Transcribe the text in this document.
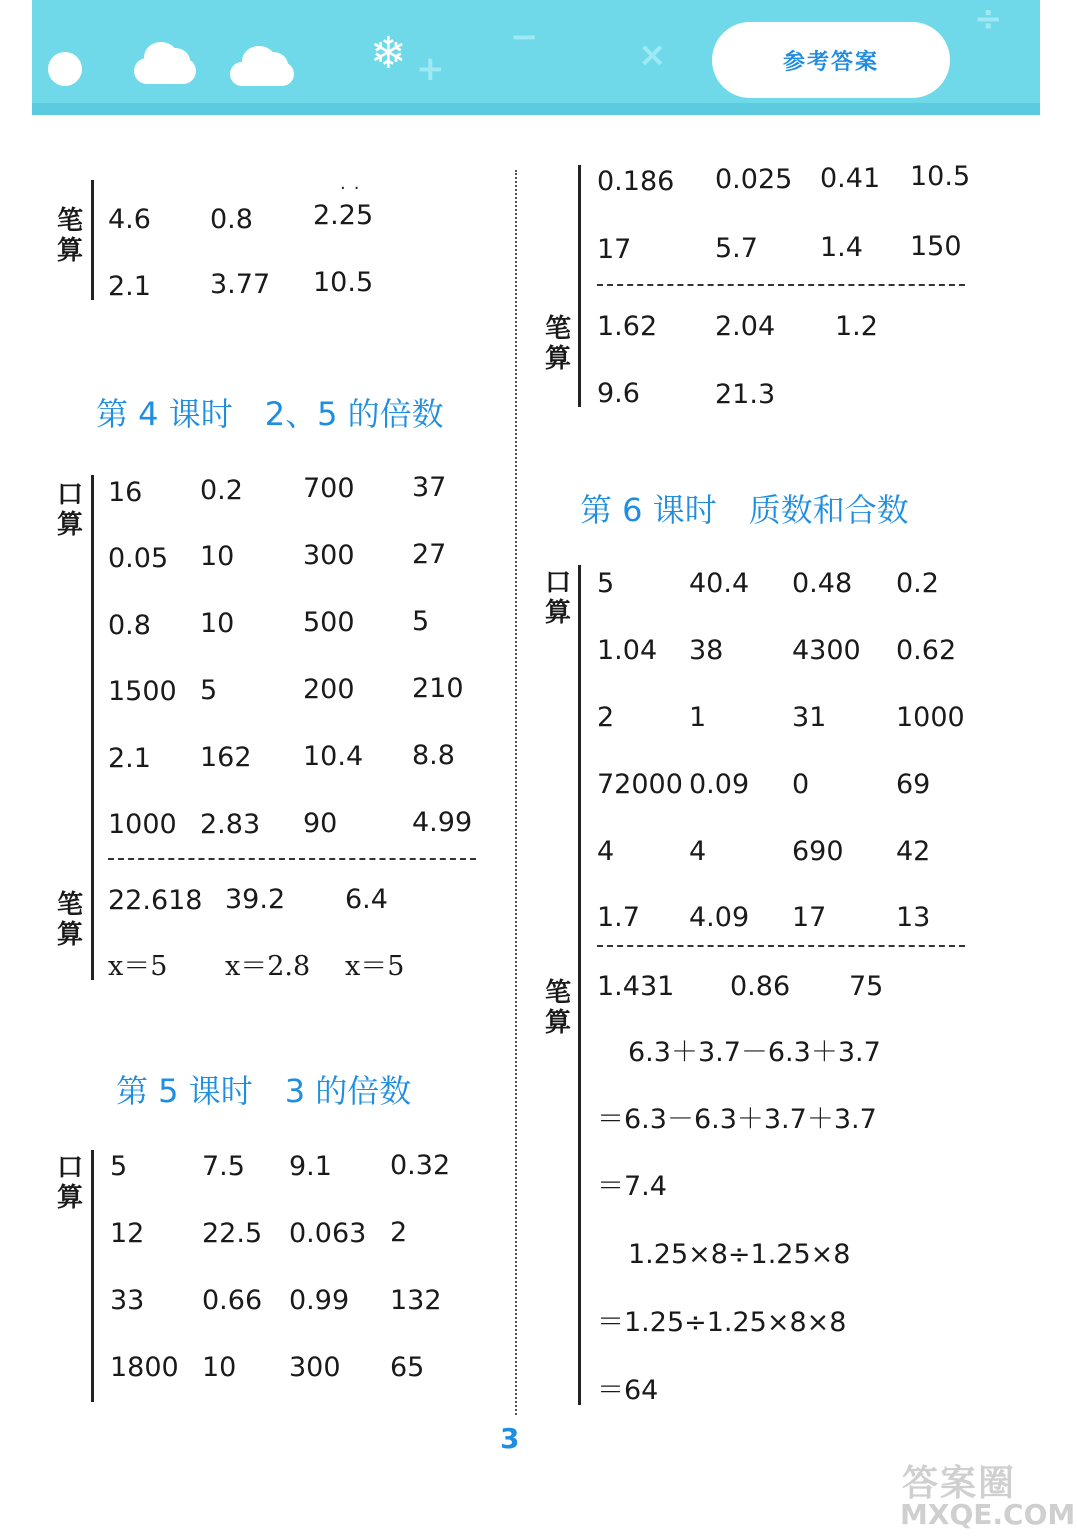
❄ +
−	×
÷
参考答案
笔算
··
4.6 0.8 2.25
2.1 3.77 10.5
第 4 课时　2、5 的倍数
口算
16 0.2 700 37
0.05 10	300 27
0.8 10	500 5
1500 5	200 210
2.1 162 10.4 8.8
1000 2.83 90	4.99
笔算
22.618 39.2 6.4
x＝5 x＝2.8 x＝5
第 5 课时　3 的倍数
口算
5	7.5 9.1 0.32
12 22.5 0.063 2
33 0.66 0.99 132
1800 10 300 65
0.186 0.025 0.41 10.5
17	5.7 1.4 150
笔算
1.62 2.04 1.2
9.6	21.3
第 6 课时　质数和合数
口算
5	40.4 0.48 0.2
1.04 38	4300 0.62
2	1	31	1000
72000 0.09 0	69
4	4	690 42
1.7 4.09 17	13
笔算
1.431 0.86 75
6.3＋3.7－6.3＋3.7
＝6.3－6.3＋3.7＋3.7
＝7.4
1.25×8÷1.25×8
＝1.25÷1.25×8×8
＝64
3
答案圈
MXQE.COM
